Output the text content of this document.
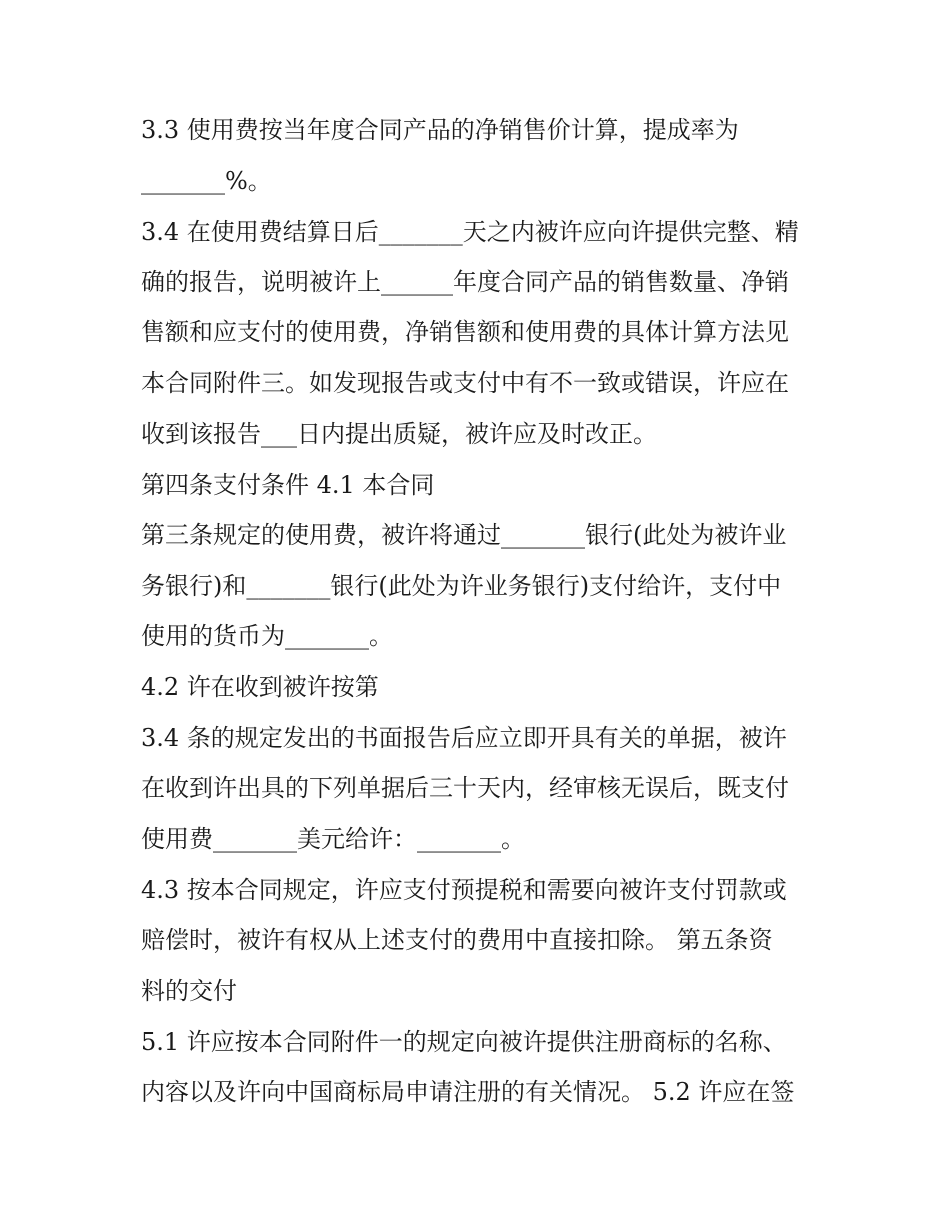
3.3 使用费按当年度合同产品的净销售价计算，提成率为
_______%。
3.4 在使用费结算日后_______天之内被许应向许提供完整、精
确的报告，说明被许上______年度合同产品的销售数量、净销
售额和应支付的使用费，净销售额和使用费的具体计算方法见
本合同附件三。如发现报告或支付中有不一致或错误，许应在
收到该报告___日内提出质疑，被许应及时改正。
第四条支付条件 4.1 本合同
第三条规定的使用费，被许将通过_______银行(此处为被许业
务银行)和_______银行(此处为许业务银行)支付给许，支付中
使用的货币为_______。
4.2 许在收到被许按第
3.4 条的规定发出的书面报告后应立即开具有关的单据，被许
在收到许出具的下列单据后三十天内，经审核无误后，既支付
使用费_______美元给许：_______。
4.3 按本合同规定，许应支付预提税和需要向被许支付罚款或
赔偿时，被许有权从上述支付的费用中直接扣除。 第五条资
料的交付
5.1 许应按本合同附件一的规定向被许提供注册商标的名称、
内容以及许向中国商标局申请注册的有关情况。 5.2 许应在签
